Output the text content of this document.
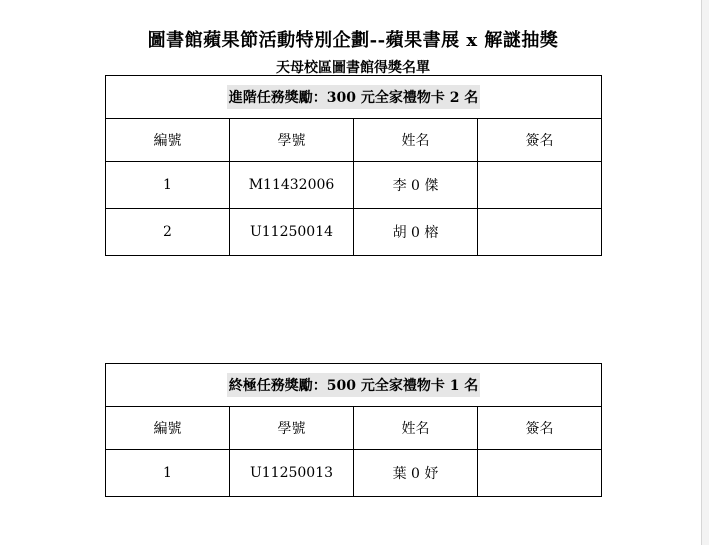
圖書館蘋果節活動特別企劃--蘋果書展 x 解謎抽獎
天母校區圖書館得獎名單
進階任務獎勵：300 元全家禮物卡 2 名			
編號	學號	姓名	簽名
1	M11432006	李 0 傑	
2	U11250014	胡 0 榕	
終極任務獎勵：500 元全家禮物卡 1 名			
編號	學號	姓名	簽名
1	U11250013	葉 0 妤	
